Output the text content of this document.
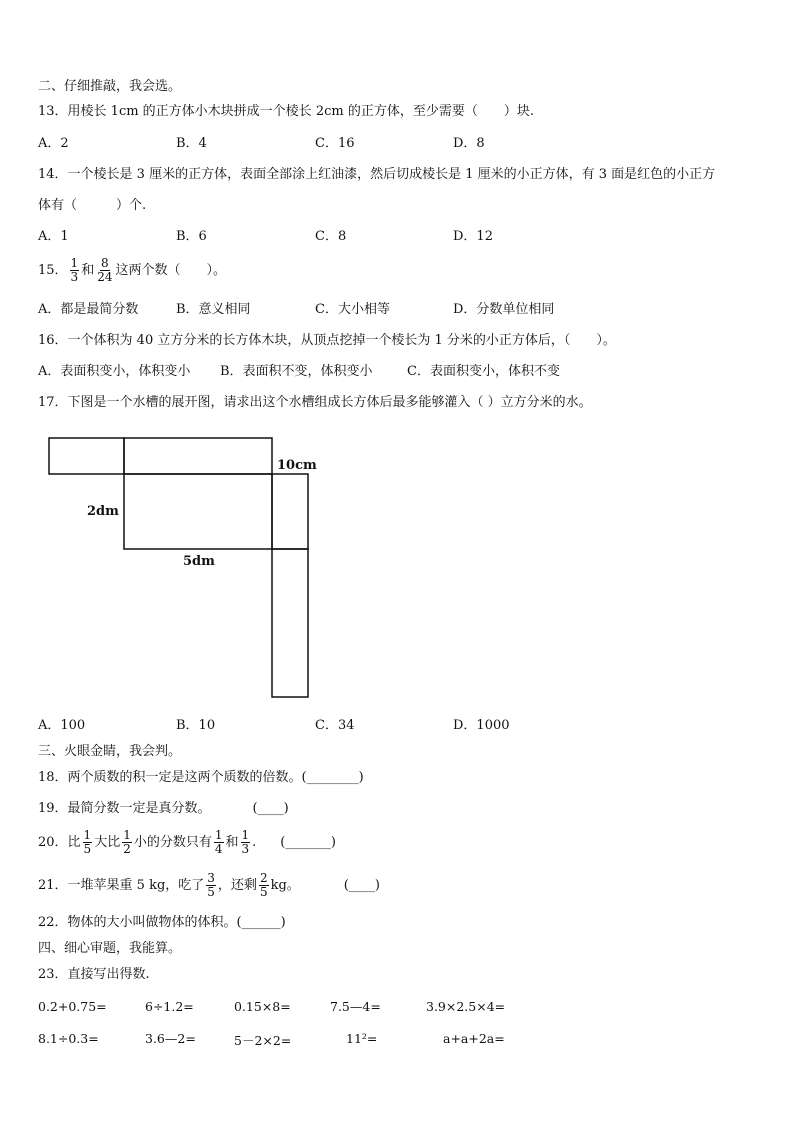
二、仔细推敲，我会选。
13．用棱长 1cm 的正方体小木块拼成一个棱长 2cm 的正方体，至少需要（　　）块.
A．2	B．4	C．16	D．8
14．一个棱长是 3 厘米的正方体，表面全部涂上红油漆，然后切成棱长是 1 厘米的小正方体，有 3 面是红色的小正方
体有（　　　）个.
A．1	B．6	C．8	D．12
15． $\frac{1}{3}$ 和 $\frac{8}{24}$ 这两个数（　　）。
A．都是最简分数	B．意义相同	C．大小相等	D．分数单位相同
16．一个体积为 40 立方分米的长方体木块，从顶点挖掉一个棱长为 1 分米的小正方体后，（　　）。
A．表面积变小，体积变小 B．表面积不变，体积变小	C．表面积变小，体积不变
17．下图是一个水槽的展开图，请求出这个水槽组成长方体后最多能够灌入（ ）立方分米的水。
10cm
2dm
5dm
A．100	B．10	C．34	D．1000
三、火眼金睛，我会判。
18．两个质数的积一定是这两个质数的倍数。(________)
19．最简分数一定是真分数。	(____)
20．比 $\frac{1}{5}$ 大比 $\frac{1}{2}$ 小的分数只有 $\frac{1}{4}$ 和 $\frac{1}{3}$ . (_______)
21．一堆苹果重 5 kg，吃了 $\frac{3}{5}$ ，还剩 $\frac{2}{5}$ kg。	(____)
22．物体的大小叫做物体的体积。(______)
四、细心审题，我能算。
23．直接写出得数.
0.2+0.75=	6÷1.2=	0.15×8=	7.5—4=	3.9×2.5×4=
8.1÷0.3=	3.6—2=	5－2×2=	11²=	a+a+2a=
